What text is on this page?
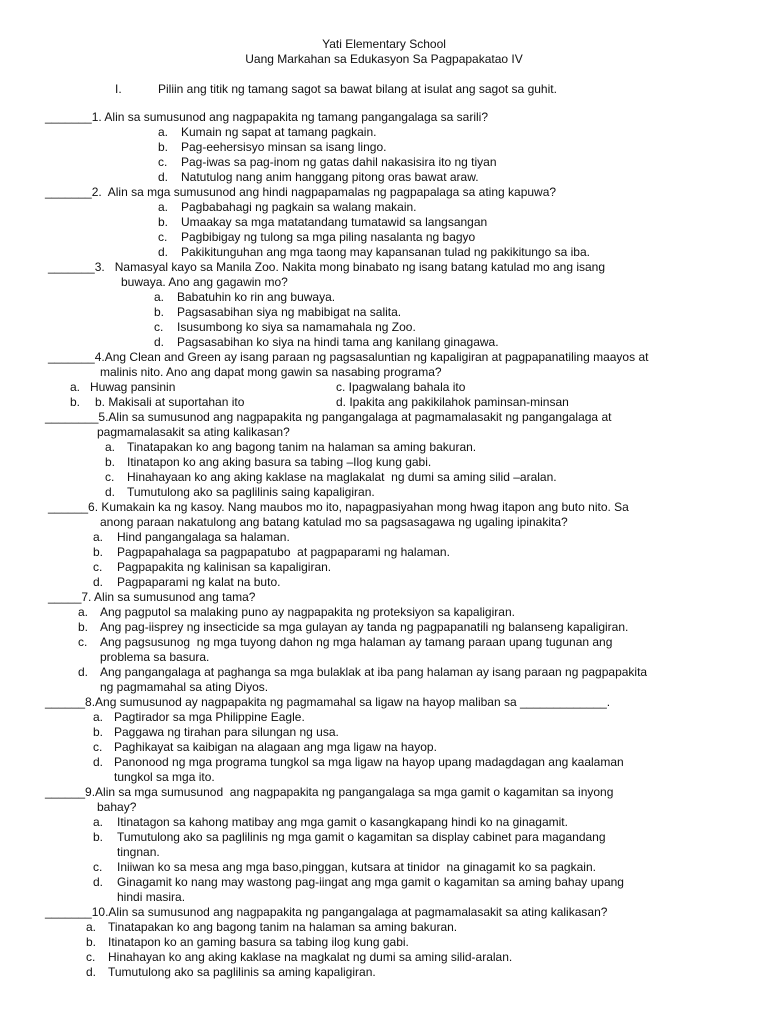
Yati Elementary School
Uang Markahan sa Edukasyon Sa Pagpapakatao IV
I.	Piliin ang titik ng tamang sagot sa bawat bilang at isulat ang sagot sa guhit.
_______1. Alin sa sumusunod ang nagpapakita ng tamang pangangalaga sa sarili?
a. Kumain ng sapat at tamang pagkain.
b. Pag-eehersisyo minsan sa isang lingo.
c. Pag-iwas sa pag-inom ng gatas dahil nakasisira ito ng tiyan
d. Natutulog nang anim hanggang pitong oras bawat araw.
_______2.  Alin sa mga sumusunod ang hindi nagpapamalas ng pagpapalaga sa ating kapuwa?
a. Pagbabahagi ng pagkain sa walang makain.
b. Umaakay sa mga matatandang tumatawid sa langsangan
c. Pagbibigay ng tulong sa mga piling nasalanta ng bagyo
d. Pakikitunguhan ang mga taong may kapansanan tulad ng pakikitungo sa iba.
_______3.   Namasyal kayo sa Manila Zoo. Nakita mong binabato ng isang batang katulad mo ang isang
buwaya. Ano ang gagawin mo?
a. Babatuhin ko rin ang buwaya.
b. Pagsasabihan siya ng mabibigat na salita.
c. Isusumbong ko siya sa namamahala ng Zoo.
d. Pagsasabihan ko siya na hindi tama ang kanilang ginagawa.
_______4.Ang Clean and Green ay isang paraan ng pagsasaluntian ng kapaligiran at pagpapanatiling maayos at
malinis nito. Ano ang dapat mong gawin sa nasabing programa?
a. Huwag pansinin	c. Ipagwalang bahala ito
b. b. Makisali at suportahan ito	d. Ipakita ang pakikilahok paminsan-minsan
________5.Alin sa sumusunod ang nagpapakita ng pangangalaga at pagmamalasakit ng pangangalaga at
pagmamalasakit sa ating kalikasan?
a. Tinatapakan ko ang bagong tanim na halaman sa aming bakuran.
b. Itinatapon ko ang aking basura sa tabing –Ilog kung gabi.
c. Hinahayaan ko ang aking kaklase na maglakalat  ng dumi sa aming silid –aralan.
d. Tumutulong ako sa paglilinis saing kapaligiran.
______6. Kumakain ka ng kasoy. Nang maubos mo ito, napagpasiyahan mong hwag itapon ang buto nito. Sa
anong paraan nakatulong ang batang katulad mo sa pagsasagawa ng ugaling ipinakita?
a. Hind pangangalaga sa halaman.
b. Pagpapahalaga sa pagpapatubo  at pagpaparami ng halaman.
c. Pagpapakita ng kalinisan sa kapaligiran.
d. Pagpaparami ng kalat na buto.
_____7. Alin sa sumusunod ang tama?
a. Ang pagputol sa malaking puno ay nagpapakita ng proteksiyon sa kapaligiran.
b. Ang pag-iisprey ng insecticide sa mga gulayan ay tanda ng pagpapanatili ng balanseng kapaligiran.
c. Ang pagsusunog  ng mga tuyong dahon ng mga halaman ay tamang paraan upang tugunan ang
problema sa basura.
d. Ang pangangalaga at paghanga sa mga bulaklak at iba pang halaman ay isang paraan ng pagpapakita
ng pagmamahal sa ating Diyos.
______8.Ang sumusunod ay nagpapakita ng pagmamahal sa ligaw na hayop maliban sa _____________.
a. Pagtirador sa mga Philippine Eagle.
b. Paggawa ng tirahan para silungan ng usa.
c. Paghikayat sa kaibigan na alagaan ang mga ligaw na hayop.
d. Panonood ng mga programa tungkol sa mga ligaw na hayop upang madagdagan ang kaalaman
tungkol sa mga ito.
______9.Alin sa mga sumusunod  ang nagpapakita ng pangangalaga sa mga gamit o kagamitan sa inyong
bahay?
a. Itinatagon sa kahong matibay ang mga gamit o kasangkapang hindi ko na ginagamit.
b. Tumutulong ako sa paglilinis ng mga gamit o kagamitan sa display cabinet para magandang
tingnan.
c. Iniiwan ko sa mesa ang mga baso,pinggan, kutsara at tinidor  na ginagamit ko sa pagkain.
d. Ginagamit ko nang may wastong pag-iingat ang mga gamit o kagamitan sa aming bahay upang
hindi masira.
_______10.Alin sa sumusunod ang nagpapakita ng pangangalaga at pagmamalasakit sa ating kalikasan?
a. Tinatapakan ko ang bagong tanim na halaman sa aming bakuran.
b. Itinatapon ko an gaming basura sa tabing ilog kung gabi.
c. Hinahayan ko ang aking kaklase na magkalat ng dumi sa aming silid-aralan.
d. Tumutulong ako sa paglilinis sa aming kapaligiran.
